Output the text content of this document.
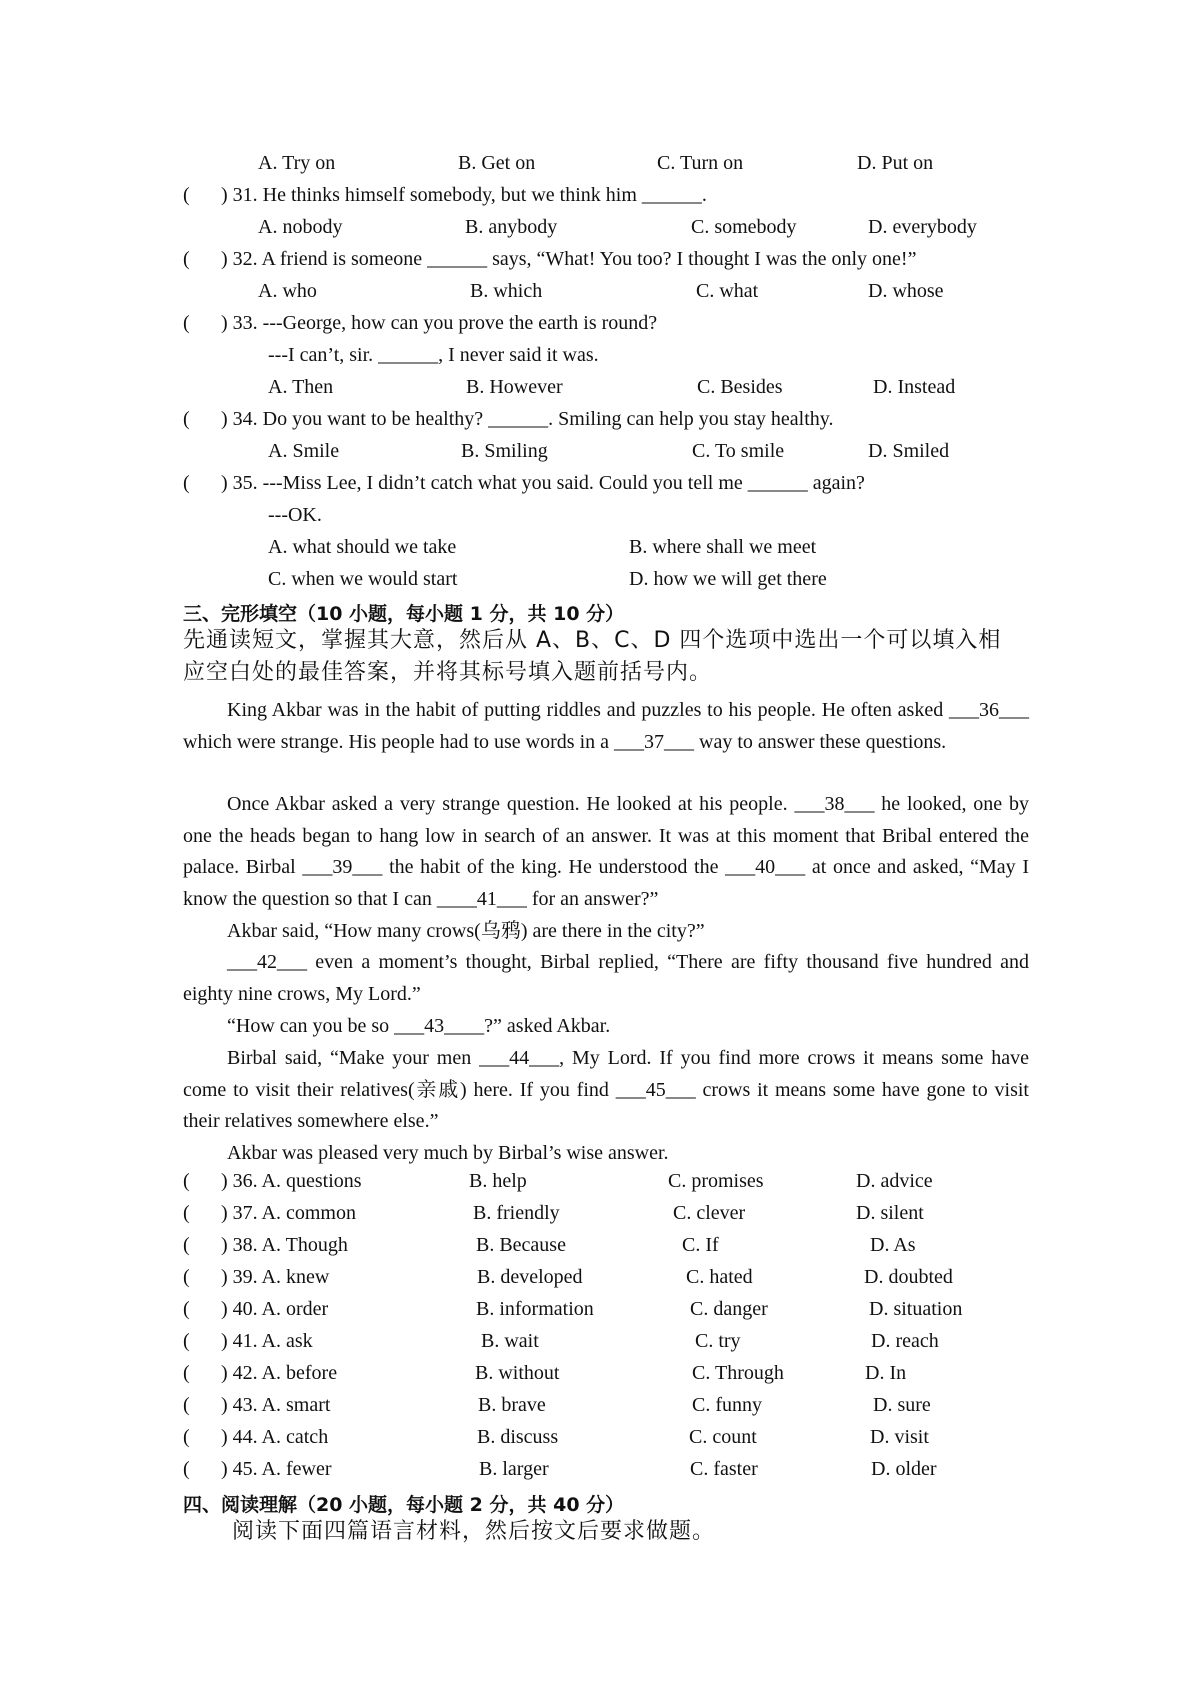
A. Try on	B. Get on	C. Turn on	D. Put on
( ) 31. He thinks himself somebody, but we think him ______.
A. nobody	B. anybody	C. somebody	D. everybody
( ) 32. A friend is someone ______ says, “What! You too? I thought I was the only one!”
A. who	B. which	C. what	D. whose
( ) 33. ---George, how can you prove the earth is round?
---I can’t, sir. ______, I never said it was.
A. Then	B. However	C. Besides	D. Instead
( ) 34. Do you want to be healthy? ______. Smiling can help you stay healthy.
A. Smile	B. Smiling	C. To smile	D. Smiled
( ) 35. ---Miss Lee, I didn’t catch what you said. Could you tell me ______ again?
---OK.
A. what should we take	B. where shall we meet
C. when we would start	D. how we will get there
三、完形填空（10 小题，每小题 1 分，共 10 分）
先通读短文，掌握其大意，然后从 A、B、C、D 四个选项中选出一个可以填入相
应空白处的最佳答案，并将其标号填入题前括号内。
King Akbar was in the habit of putting riddles and puzzles to his people. He often asked ___36___ which were strange. His people had to use words in a ___37___ way to answer these questions.
Once Akbar asked a very strange question. He looked at his people. ___38___ he looked, one by one the heads began to hang low in search of an answer. It was at this moment that Bribal entered the palace. Birbal ___39___ the habit of the king. He understood the ___40___ at once and asked, “May I know the question so that I can ____41___ for an answer?”
Akbar said, “How many crows(乌鸦) are there in the city?”
___42___ even a moment’s thought, Birbal replied, “There are fifty thousand five hundred and eighty nine crows, My Lord.”
“How can you be so ___43____?” asked Akbar.
Birbal said, “Make your men ___44___, My Lord. If you find more crows it means some have come to visit their relatives(亲戚) here. If you find ___45___ crows it means some have gone to visit their relatives somewhere else.”
Akbar was pleased very much by Birbal’s wise answer.
( ) 36. A. questions	B. help	C. promises	D. advice
( ) 37. A. common	B. friendly	C. clever	D. silent
( ) 38. A. Though	B. Because	C. If	D. As
( ) 39. A. knew	B. developed	C. hated	D. doubted
( ) 40. A. order	B. information	C. danger	D. situation
( ) 41. A. ask	B. wait	C. try	D. reach
( ) 42. A. before	B. without	C. Through	D. In
( ) 43. A. smart	B. brave	C. funny	D. sure
( ) 44. A. catch	B. discuss	C. count	D. visit
( ) 45. A. fewer	B. larger	C. faster	D. older
四、阅读理解（20 小题，每小题 2 分，共 40 分）
阅读下面四篇语言材料，然后按文后要求做题。
